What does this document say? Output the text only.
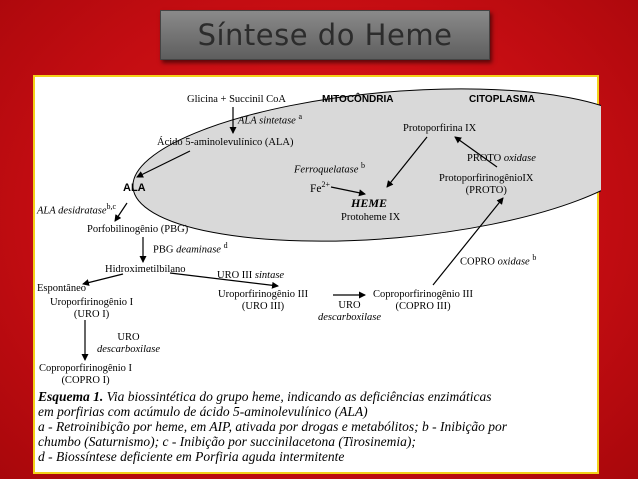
Síntese do Heme
MITOCÔNDRIA	CITOPLASMA
Glicina + Succinil CoA
ALA sintetase $^a$
Ácido 5-aminolevulínico (ALA)
Protoporfirina IX
Ferroquelatase $^b$
PROTO oxidase
$Fe^{2+}$
ProtoporfirinogênioIX
(PROTO)
HEME
Protoheme IX
ALA
ALA desidratase$^{b,c}$
Porfobilinogênio (PBG)
PBG deaminase $^d$
COPRO oxidase $^b$
Hidroximetilbilano
URO III sintase
Espontâneo
Uroporfirinogênio I
(URO I)
Uroporfirinogênio III
(URO III)
Coproporfirinogênio III
(COPRO III)
URO
descarboxilase
URO
descarboxilase
Coproporfirinogênio I
(COPRO I)
Esquema 1. Via biossintética do grupo heme, indicando as deficiências enzimáticas
em porfirias com acúmulo de ácido 5-aminolevulínico (ALA)
a - Retroinibição por heme, em AIP, ativada por drogas e metabólitos; b - Inibição por
chumbo (Saturnismo); c - Inibição por succinilacetona (Tirosinemia);
d - Biossíntese deficiente em Porfiria aguda intermitente
